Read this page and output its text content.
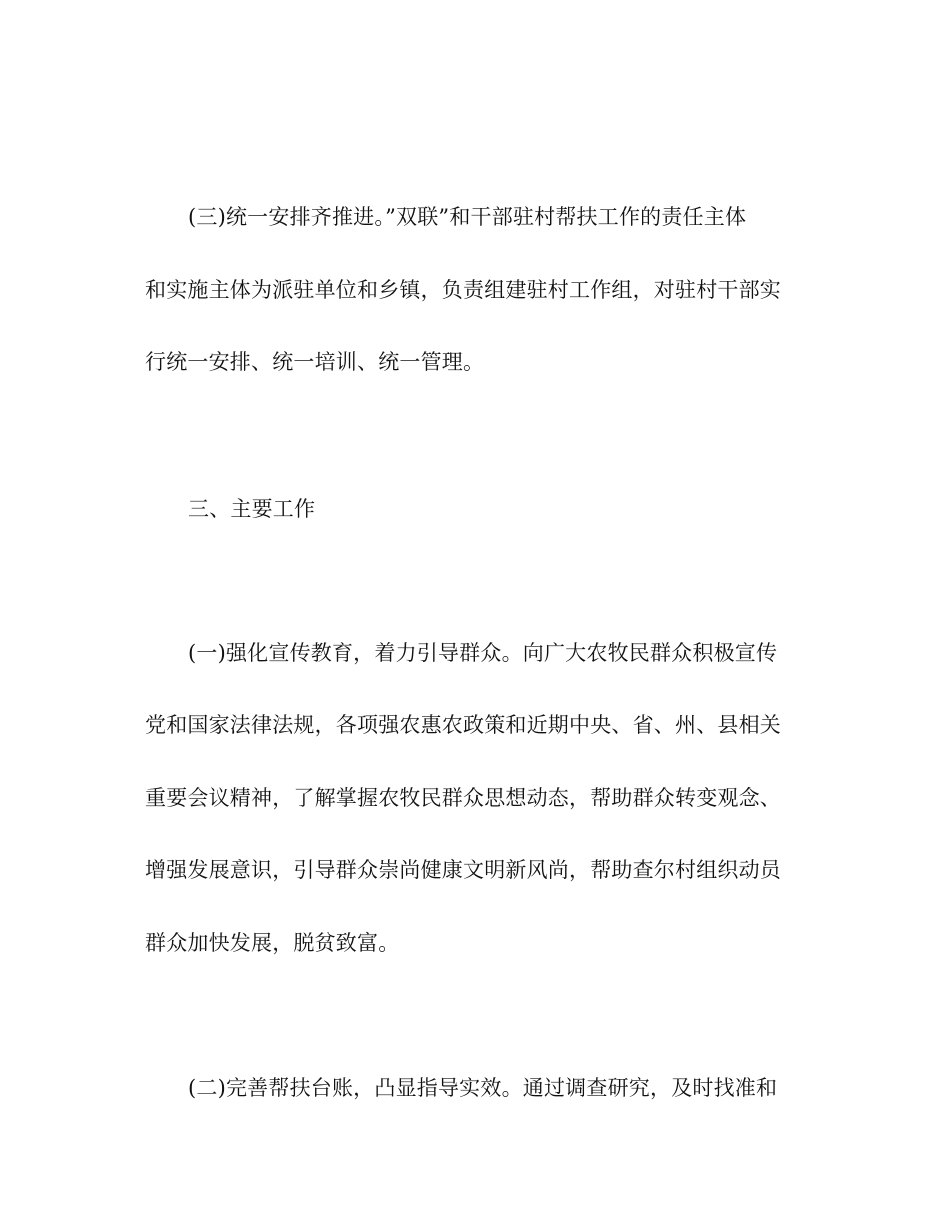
(三)统一安排齐推进。”双联”和干部驻村帮扶工作的责任主体
和实施主体为派驻单位和乡镇，负责组建驻村工作组，对驻村干部实
行统一安排、统一培训、统一管理。
三、主要工作
(一)强化宣传教育，着力引导群众。向广大农牧民群众积极宣传
党和国家法律法规，各项强农惠农政策和近期中央、省、州、县相关
重要会议精神，了解掌握农牧民群众思想动态，帮助群众转变观念、
增强发展意识，引导群众崇尚健康文明新风尚，帮助查尔村组织动员
群众加快发展，脱贫致富。
(二)完善帮扶台账，凸显指导实效。通过调查研究，及时找准和
